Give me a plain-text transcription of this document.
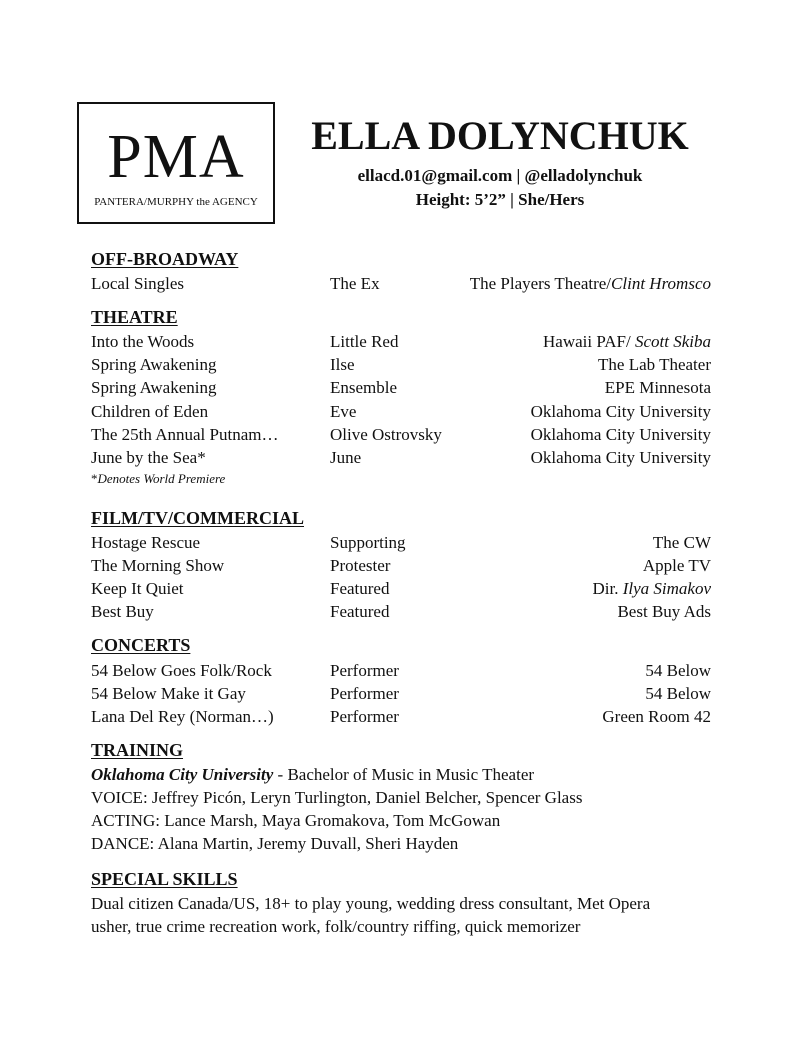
PMA
PANTERA/MURPHY the AGENCY
ELLA DOLYNCHUK
ellacd.01@gmail.com | @elladolynchuk
Height: 5’2” | She/Hers
OFF-BROADWAY
Local Singles	The Ex	The Players Theatre/Clint Hromsco
THEATRE
Into the Woods	Little Red	Hawaii PAF/ Scott Skiba
Spring Awakening	Ilse	The Lab Theater
Spring Awakening	Ensemble	EPE Minnesota
Children of Eden	Eve	Oklahoma City University
The 25th Annual Putnam…	Olive Ostrovsky	Oklahoma City University
June by the Sea*	June	Oklahoma City University
*Denotes World Premiere
FILM/TV/COMMERCIAL
Hostage Rescue	Supporting	The CW
The Morning Show	Protester	Apple TV
Keep It Quiet	Featured	Dir. Ilya Simakov
Best Buy	Featured	Best Buy Ads
CONCERTS
54 Below Goes Folk/Rock	Performer	54 Below
54 Below Make it Gay	Performer	54 Below
Lana Del Rey (Norman…)	Performer	Green Room 42
TRAINING
Oklahoma City University - Bachelor of Music in Music Theater
VOICE: Jeffrey Picón, Leryn Turlington, Daniel Belcher, Spencer Glass
ACTING: Lance Marsh, Maya Gromakova, Tom McGowan
DANCE: Alana Martin, Jeremy Duvall, Sheri Hayden
SPECIAL SKILLS
Dual citizen Canada/US, 18+ to play young, wedding dress consultant, Met Opera
usher, true crime recreation work, folk/country riffing, quick memorizer
